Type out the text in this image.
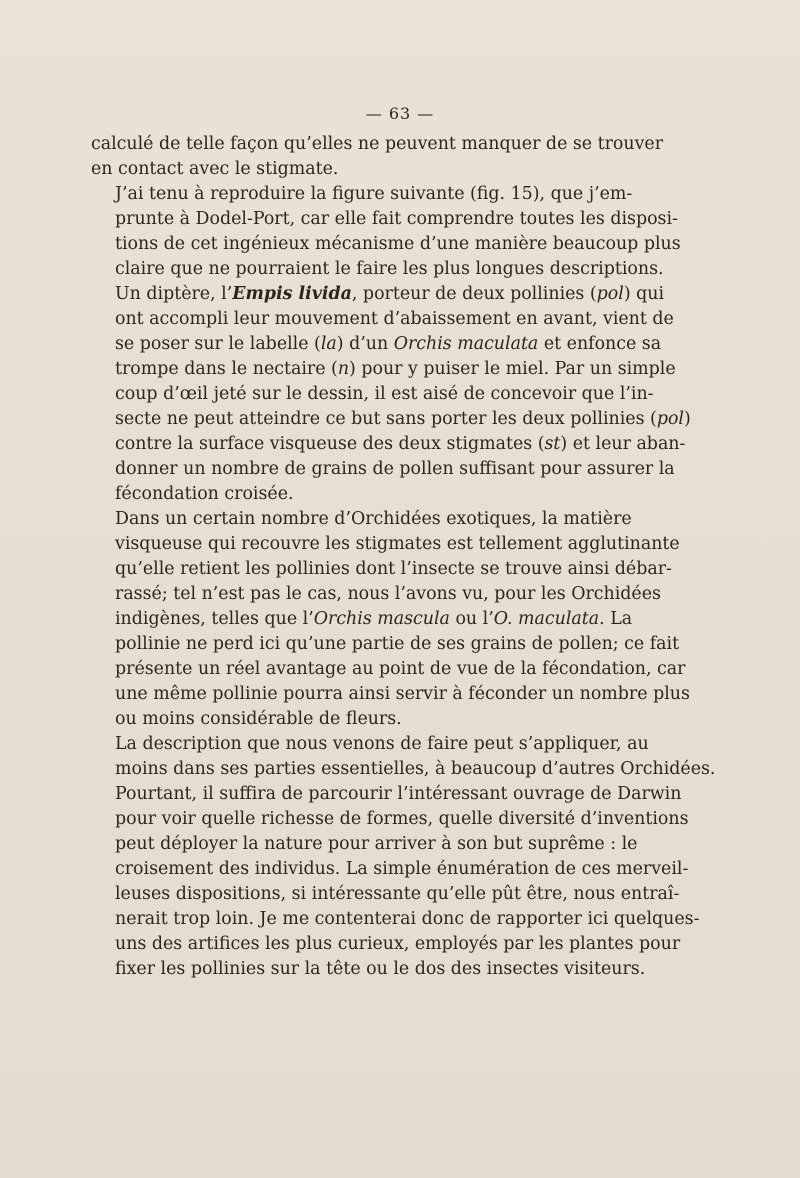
— 63 —

calculé de telle façon qu’elles ne peuvent manquer de se trouver
en contact avec le stigmate.

J’ai tenu à reproduire la figure suivante (fig. 15), que j’em-
prunte à Dodel-Port, car elle fait comprendre toutes les disposi-
tions de cet ingénieux mécanisme d’une manière beaucoup plus
claire que ne pourraient le faire les plus longues descriptions.

Un diptère, l’Empis livida, porteur de deux pollinies (pol) qui
ont accompli leur mouvement d’abaissement en avant, vient de
se poser sur le labelle (la) d’un Orchis maculata et enfonce sa
trompe dans le nectaire (n) pour y puiser le miel. Par un simple
coup d’œil jeté sur le dessin, il est aisé de concevoir que l’in-
secte ne peut atteindre ce but sans porter les deux pollinies (pol)
contre la surface visqueuse des deux stigmates (st) et leur aban-
donner un nombre de grains de pollen suffisant pour assurer la
fécondation croisée.

Dans un certain nombre d’Orchidées exotiques, la matière
visqueuse qui recouvre les stigmates est tellement agglutinante
qu’elle retient les pollinies dont l’insecte se trouve ainsi débar-
rassé; tel n’est pas le cas, nous l’avons vu, pour les Orchidées
indigènes, telles que l’Orchis mascula ou l’O. maculata. La
pollinie ne perd ici qu’une partie de ses grains de pollen; ce fait
présente un réel avantage au point de vue de la fécondation, car
une même pollinie pourra ainsi servir à féconder un nombre plus
ou moins considérable de fleurs.

La description que nous venons de faire peut s’appliquer, au
moins dans ses parties essentielles, à beaucoup d’autres Orchidées.
Pourtant, il suffira de parcourir l’intéressant ouvrage de Darwin
pour voir quelle richesse de formes, quelle diversité d’inventions
peut déployer la nature pour arriver à son but suprême : le
croisement des individus. La simple énumération de ces merveil-
leuses dispositions, si intéressante qu’elle pût être, nous entraî-
nerait trop loin. Je me contenterai donc de rapporter ici quelques-
uns des artifices les plus curieux, employés par les plantes pour
fixer les pollinies sur la tête ou le dos des insectes visiteurs.
